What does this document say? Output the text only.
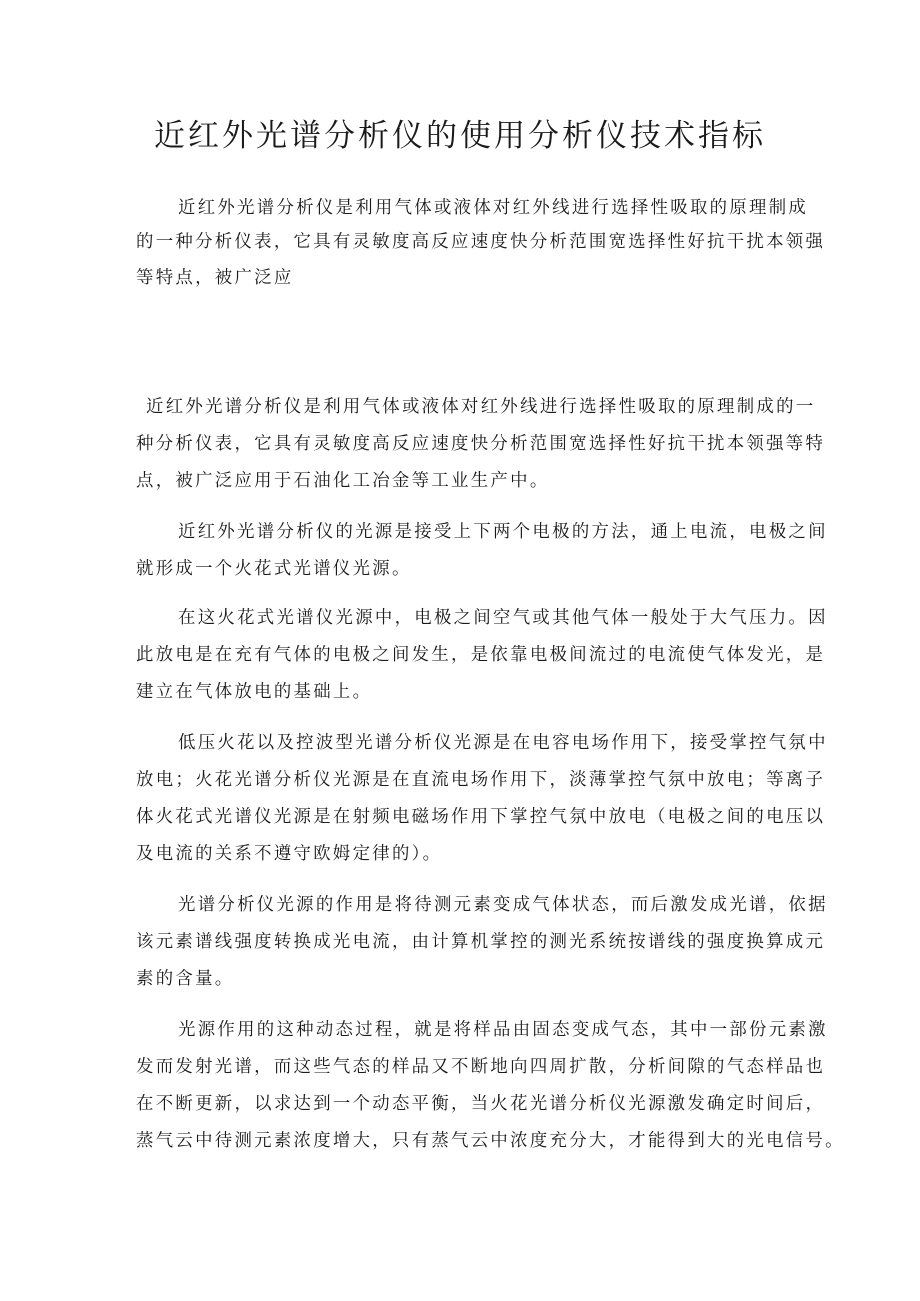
近红外光谱分析仪的使用分析仪技术指标

近红外光谱分析仪是利用气体或液体对红外线进行选择性吸取的原理制成

的一种分析仪表，它具有灵敏度高反应速度快分析范围宽选择性好抗干扰本领强

等特点，被广泛应

近红外光谱分析仪是利用气体或液体对红外线进行选择性吸取的原理制成的一

种分析仪表，它具有灵敏度高反应速度快分析范围宽选择性好抗干扰本领强等特

点，被广泛应用于石油化工冶金等工业生产中。

近红外光谱分析仪的光源是接受上下两个电极的方法，通上电流，电极之间

就形成一个火花式光谱仪光源。

在这火花式光谱仪光源中，电极之间空气或其他气体一般处于大气压力。因

此放电是在充有气体的电极之间发生，是依靠电极间流过的电流使气体发光，是

建立在气体放电的基础上。

低压火花以及控波型光谱分析仪光源是在电容电场作用下，接受掌控气氛中

放电；火花光谱分析仪光源是在直流电场作用下，淡薄掌控气氛中放电；等离子

体火花式光谱仪光源是在射频电磁场作用下掌控气氛中放电（电极之间的电压以

及电流的关系不遵守欧姆定律的）。

光谱分析仪光源的作用是将待测元素变成气体状态，而后激发成光谱，依据

该元素谱线强度转换成光电流，由计算机掌控的测光系统按谱线的强度换算成元

素的含量。

光源作用的这种动态过程，就是将样品由固态变成气态，其中一部份元素激

发而发射光谱，而这些气态的样品又不断地向四周扩散，分析间隙的气态样品也

在不断更新，以求达到一个动态平衡，当火花光谱分析仪光源激发确定时间后，

蒸气云中待测元素浓度增大，只有蒸气云中浓度充分大，才能得到大的光电信号。
